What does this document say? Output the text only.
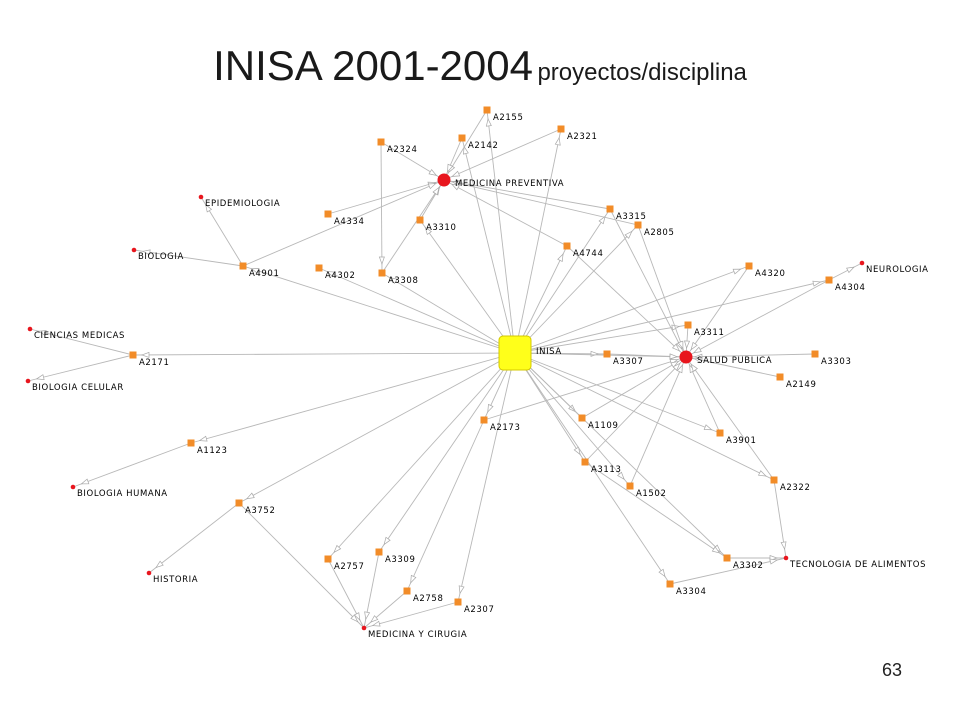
INISA 2001-2004 proyectos/disciplina
INISA
MEDICINA PREVENTIVA
SALUD PUBLICA
EPIDEMIOLOGIA
BIOLOGIA
CIENCIAS MEDICAS
BIOLOGIA CELULAR
BIOLOGIA HUMANA
HISTORIA
NEUROLOGIA
TECNOLOGIA DE ALIMENTOS
MEDICINA Y CIRUGIA
A2155
A2142
A2321
A2324
A4334
A3310
A3315
A2805
A4744
A4901	A4302	A3308
A4320
A4304
A3311
A2171	A3307	A3303
A2149
A2173	A1109
A3901
A1123
A3113
A1502
A2322
A3752
A3309
A2757	A3302
A2758
A2307
A3304
63
